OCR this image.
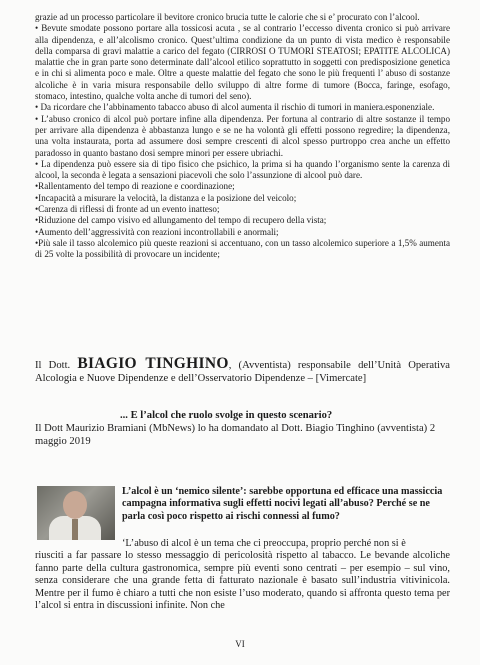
grazie ad un processo particolare il bevitore cronico brucia tutte le calorie che si e’ procurato con l’alcool.

• Bevute smodate possono portare alla tossicosi acuta , se al contrario l’eccesso diventa cronico si può arrivare alla dipendenza, e all’alcolismo cronico. Quest’ultima condizione da un punto di vista medico è responsabile della comparsa di gravi malattie a carico del fegato (CIRROSI O TUMORI STEATOSI; EPATITE ALCOLICA) malattie che in gran parte sono determinate dall’alcool etilico soprattutto in soggetti con predisposizione genetica e in chi si alimenta poco e male. Oltre a queste malattie del fegato che sono le più frequenti l’ abuso di sostanze alcoliche è in varia misura responsabile dello sviluppo di altre forme di tumore (Bocca, faringe, esofago, stomaco, intestino, qualche volta anche di tumori del seno).

• Da ricordare che l’abbinamento tabacco abuso di alcol aumenta il rischio di tumori in maniera.esponenziale.

• L’abuso cronico di alcol può portare infine alla dipendenza. Per fortuna al contrario di altre sostanze il tempo per arrivare alla dipendenza è abbastanza lungo e se ne ha volontà gli effetti possono regredire; la dipendenza, una volta instaurata, porta ad assumere dosi sempre crescenti di alcol spesso purtroppo crea anche un effetto paradosso in quanto bastano dosi sempre minori per essere ubriachi.

• La dipendenza può essere sia di tipo fisico che psichico, la prima si ha quando l’organismo sente la carenza di alcool, la seconda è legata a sensazioni piacevoli che solo l’assunzione di alcool può dare.

•Rallentamento del tempo di reazione e coordinazione;

•Incapacità a misurare la velocità, la distanza e la posizione del veicolo;

•Carenza di riflessi di fronte ad un evento inatteso;

•Riduzione del campo visivo ed allungamento del tempo di recupero della vista;

•Aumento dell’aggressività con reazioni incontrollabili e anormali;

•Più sale il tasso alcolemico più queste reazioni si accentuano, con un tasso alcolemico superiore a 1,5% aumenta di 25 volte la possibilità di provocare un incidente;

Il Dott. BIAGIO TINGHINO, (Avventista) responsabile dell’Unità Operativa Alcologia e Nuove Dipendenze e dell’Osservatorio Dipendenze – [Vimercate]

... E l’alcol che ruolo svolge in questo scenario?
Il Dott Maurizio Bramiani (MbNews) lo ha domandato al Dott. Biagio Tinghino (avventista) 2 maggio 2019
L’alcol è un ‘nemico silente’: sarebbe opportuna ed efficace una massiccia campagna informativa sugli effetti nocivi legati all’abuso? Perché se ne parla così poco rispetto ai rischi connessi al fumo?
‘L’abuso di alcol è un tema che ci preoccupa, proprio perché non si è
riusciti a far passare lo stesso messaggio di pericolosità rispetto al tabacco. Le bevande alcoliche fanno parte della cultura gastronomica, sempre più eventi sono centrati – per esempio – sul vino, senza considerare che una grande fetta di fatturato nazionale è basato sull’industria vitivinicola. Mentre per il fumo è chiaro a tutti che non esiste l’uso moderato, quando si affronta questo tema per l’alcol si entra in discussioni infinite. Non che
VI
